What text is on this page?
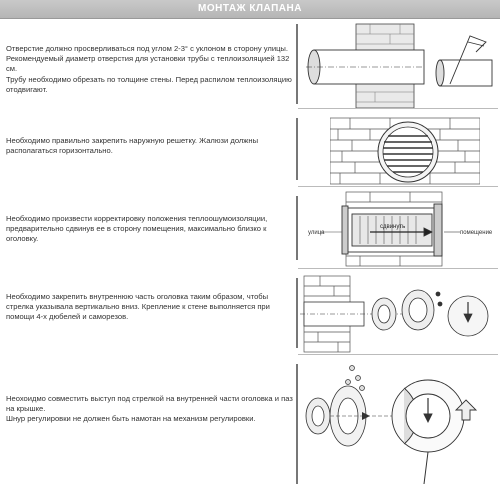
МОНТАЖ КЛАПАНА

Отверстие должно просверливаться под углом 2-3° с уклоном в сторону улицы.

Рекомендуемый диаметр отверстия для установки трубы с теплоизоляцией 132 см.

Трубу необходимо обрезать по толщине стены. Перед распилом теплоизоляцию отодвигают.

Необходимо правильно закрепить наружную решетку. Жалюзи должны располагаться горизонтально.

Необходимо произвести корректировку положения теплоошумоизоляции, предварительно сдвинув ее в сторону помещения, максимально близко к оголовку.

улица
сдвинуть
помещение

Необходимо закрепить внутреннюю часть оголовка таким образом, чтобы стрелка указывала вертикально вниз. Крепление к стене выполняется при помощи 4-х дюбелей и саморезов.

Неохоидмо совместить выступ под стрелкой на внутренней части оголовка и паз на крышке.

Шнур регулировки не должен быть намотан на механизм регулировки.
